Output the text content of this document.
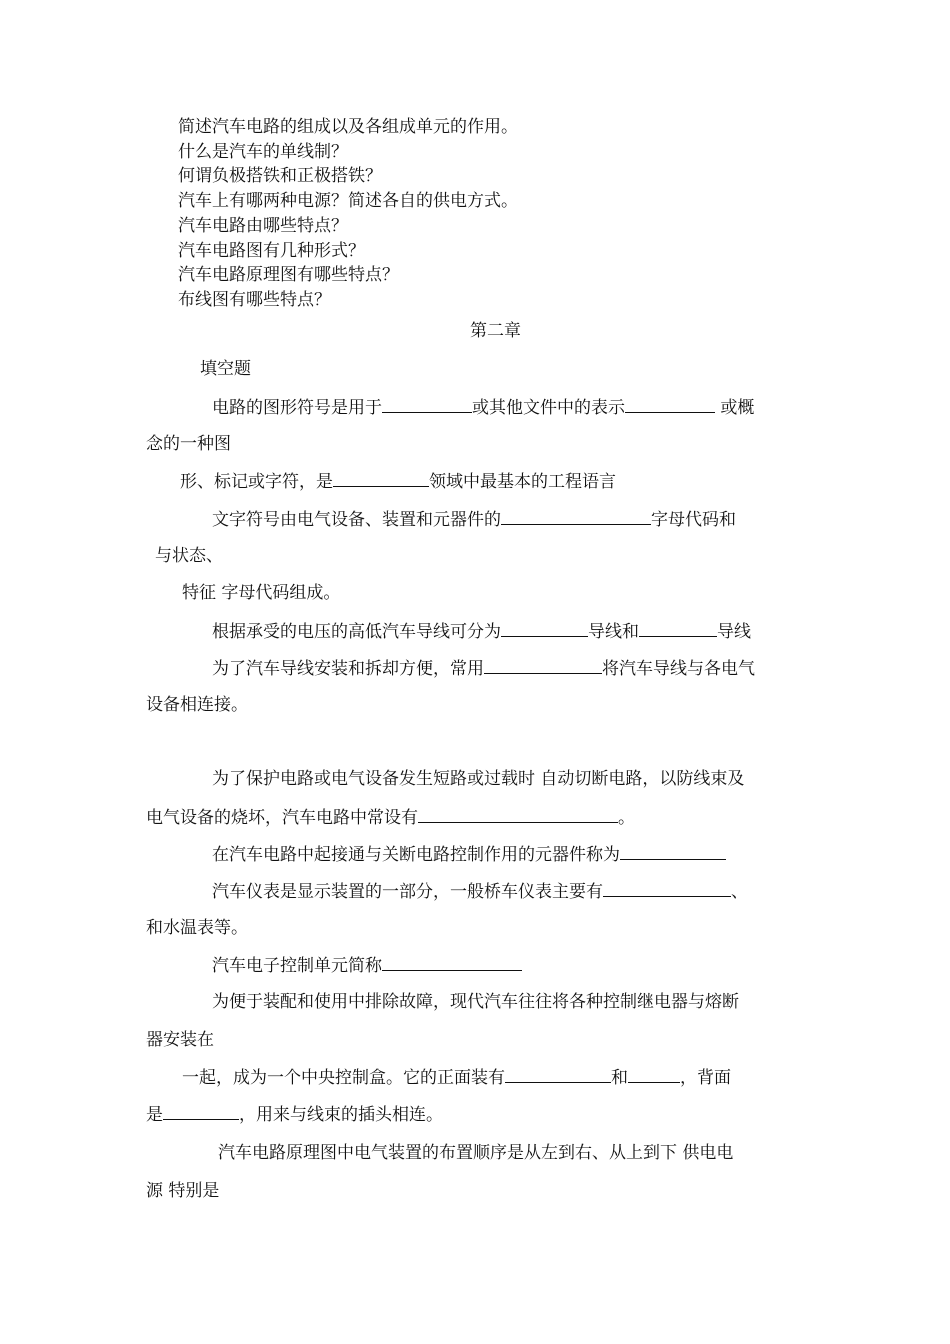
简述汽车电路的组成以及各组成单元的作用。
什么是汽车的单线制？
何谓负极搭铁和正极搭铁？
汽车上有哪两种电源？简述各自的供电方式。
汽车电路由哪些特点？
汽车电路图有几种形式？
汽车电路原理图有哪些特点？
布线图有哪些特点？
第二章
填空题
电路的图形符号是用于	或其他文件中的表示	或概
念的一种图
形、标记或字符，是	领域中最基本的工程语言
文字符号由电气设备、装置和元器件的	字母代码和
与状态、
特征 字母代码组成。
根据承受的电压的高低汽车导线可分为	导线和	导线
为了汽车导线安装和拆却方便，常用	将汽车导线与各电气
设备相连接。
为了保护电路或电气设备发生短路或过载时 自动切断电路，以防线束及
电气设备的烧坏，汽车电路中常设有	。
在汽车电路中起接通与关断电路控制作用的元器件称为
汽车仪表是显示装置的一部分，一般桥车仪表主要有	、
和水温表等。
汽车电子控制单元简称
为便于装配和使用中排除故障，现代汽车往往将各种控制继电器与熔断
器安装在
一起，成为一个中央控制盒。它的正面装有	和	，背面
是	，用来与线束的插头相连。
汽车电路原理图中电气装置的布置顺序是从左到右、从上到下 供电电
源 特别是
